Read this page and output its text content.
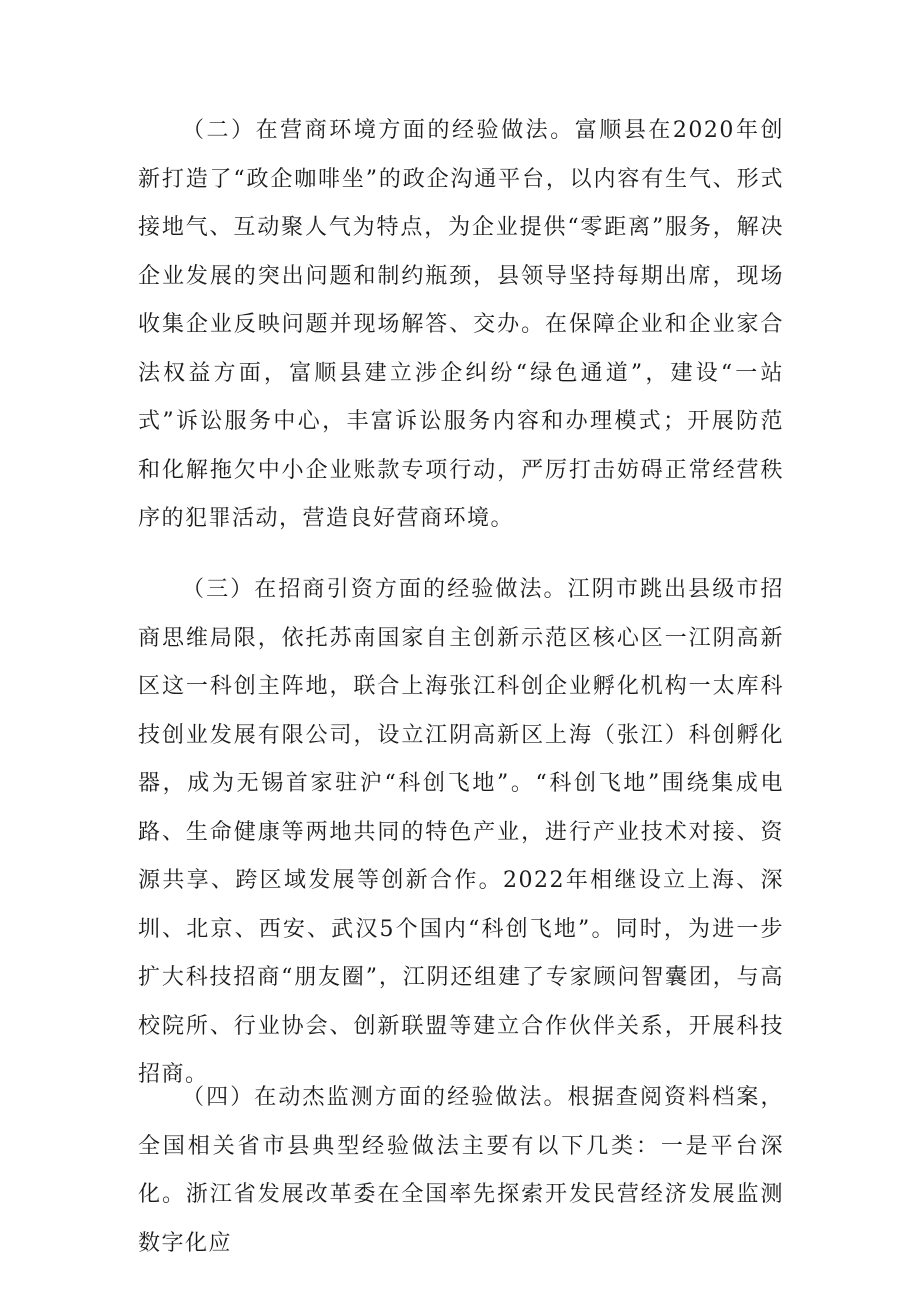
（二）在营商环境方面的经验做法。富顺县在2020年创新打造了“政企咖啡坐”的政企沟通平台，以内容有生气、形式接地气、互动聚人气为特点，为企业提供“零距离”服务，解决企业发展的突出问题和制约瓶颈，县领导坚持每期出席，现场收集企业反映问题并现场解答、交办。在保障企业和企业家合法权益方面，富顺县建立涉企纠纷“绿色通道”，建设“一站式”诉讼服务中心，丰富诉讼服务内容和办理模式；开展防范和化解拖欠中小企业账款专项行动，严厉打击妨碍正常经营秩序的犯罪活动，营造良好营商环境。

（三）在招商引资方面的经验做法。江阴市跳出县级市招商思维局限，依托苏南国家自主创新示范区核心区一江阴高新区这一科创主阵地，联合上海张江科创企业孵化机构一太库科技创业发展有限公司，设立江阴高新区上海（张江）科创孵化器，成为无锡首家驻沪“科创飞地”。“科创飞地”围绕集成电路、生命健康等两地共同的特色产业，进行产业技术对接、资源共享、跨区域发展等创新合作。2022年相继设立上海、深圳、北京、西安、武汉5个国内“科创飞地”。同时，为进一步扩大科技招商“朋友圈”，江阴还组建了专家顾问智囊团，与高校院所、行业协会、创新联盟等建立合作伙伴关系，开展科技招商。

（四）在动杰监测方面的经验做法。根据查阅资料档案，全国相关省市县典型经验做法主要有以下几类：一是平台深化。浙江省发展改革委在全国率先探索开发民营经济发展监测数字化应
